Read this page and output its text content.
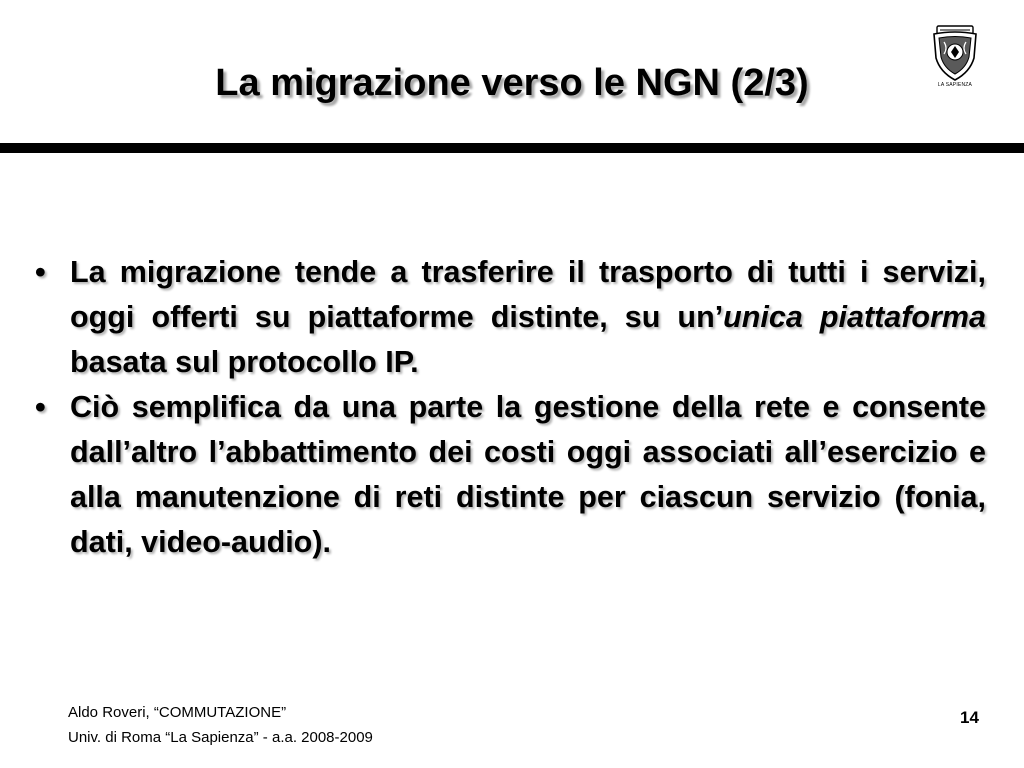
La migrazione verso le NGN (2/3)	LA SAPIENZA
• La migrazione tende a trasferire il trasporto di tutti i servizi, oggi offerti su piattaforme distinte, su un’unica piattaforma basata sul protocollo IP.
• Ciò semplifica da una parte la gestione della rete e consente dall’altro l’abbattimento dei costi oggi associati all’esercizio e alla manutenzione di reti distinte per ciascun servizio (fonia, dati, video-audio).
Aldo Roveri, “COMMUTAZIONE”
Univ. di Roma “La Sapienza” - a.a. 2008-2009
14
